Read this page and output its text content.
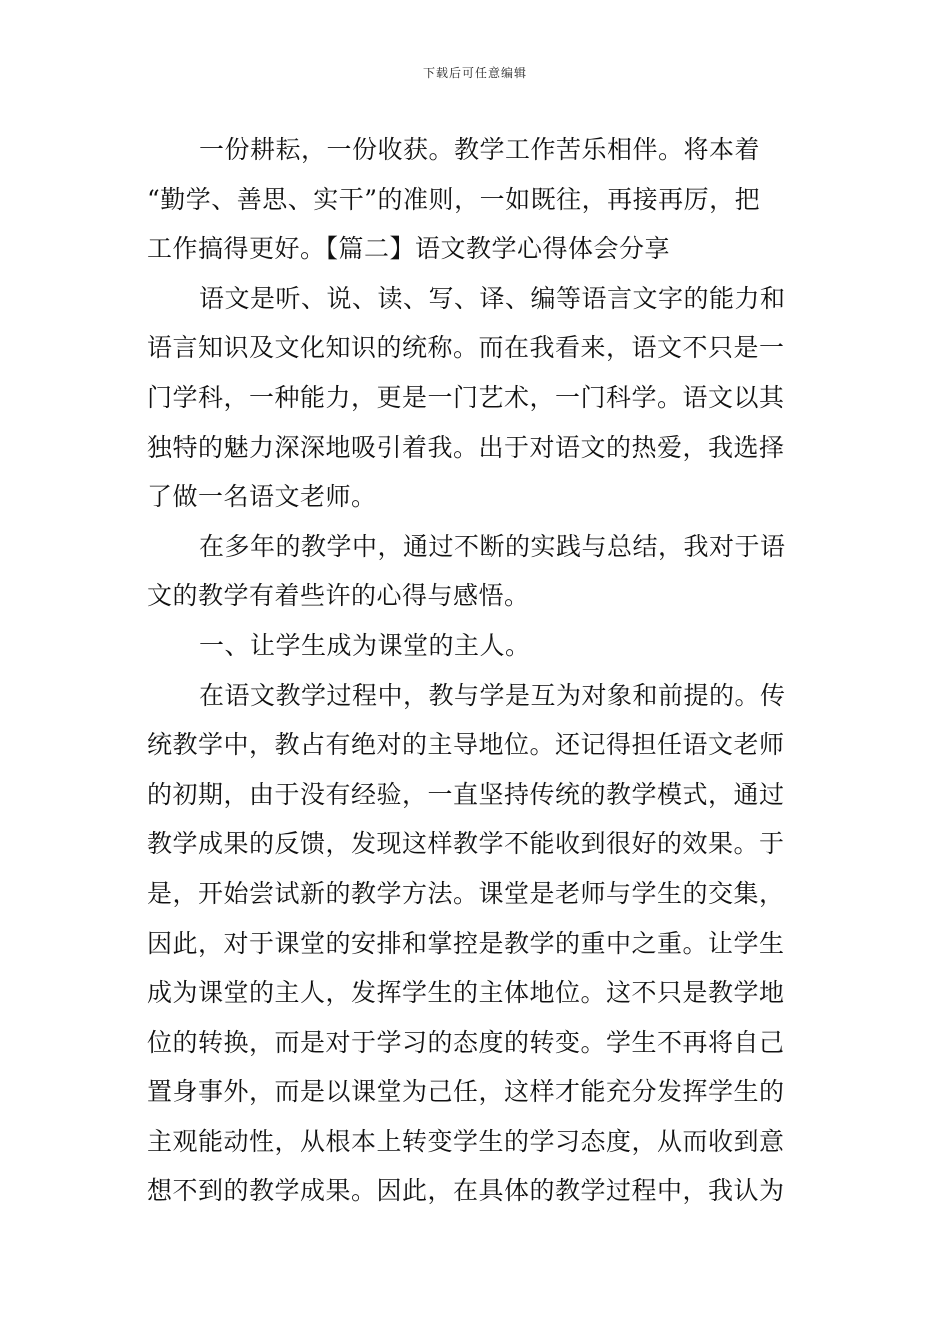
下载后可任意编辑
一份耕耘，一份收获。教学工作苦乐相伴。将本着
“勤学、善思、实干”的准则，一如既往，再接再厉，把
工作搞得更好。【篇二】语文教学心得体会分享
语文是听、说、读、写、译、编等语言文字的能力和
语言知识及文化知识的统称。而在我看来，语文不只是一
门学科，一种能力，更是一门艺术，一门科学。语文以其
独特的魅力深深地吸引着我。出于对语文的热爱，我选择
了做一名语文老师。
在多年的教学中，通过不断的实践与总结，我对于语
文的教学有着些许的心得与感悟。
一、让学生成为课堂的主人。
在语文教学过程中，教与学是互为对象和前提的。传
统教学中，教占有绝对的主导地位。还记得担任语文老师
的初期，由于没有经验，一直坚持传统的教学模式，通过
教学成果的反馈，发现这样教学不能收到很好的效果。于
是，开始尝试新的教学方法。课堂是老师与学生的交集，
因此，对于课堂的安排和掌控是教学的重中之重。让学生
成为课堂的主人，发挥学生的主体地位。这不只是教学地
位的转换，而是对于学习的态度的转变。学生不再将自己
置身事外，而是以课堂为己任，这样才能充分发挥学生的
主观能动性，从根本上转变学生的学习态度，从而收到意
想不到的教学成果。因此，在具体的教学过程中，我认为
